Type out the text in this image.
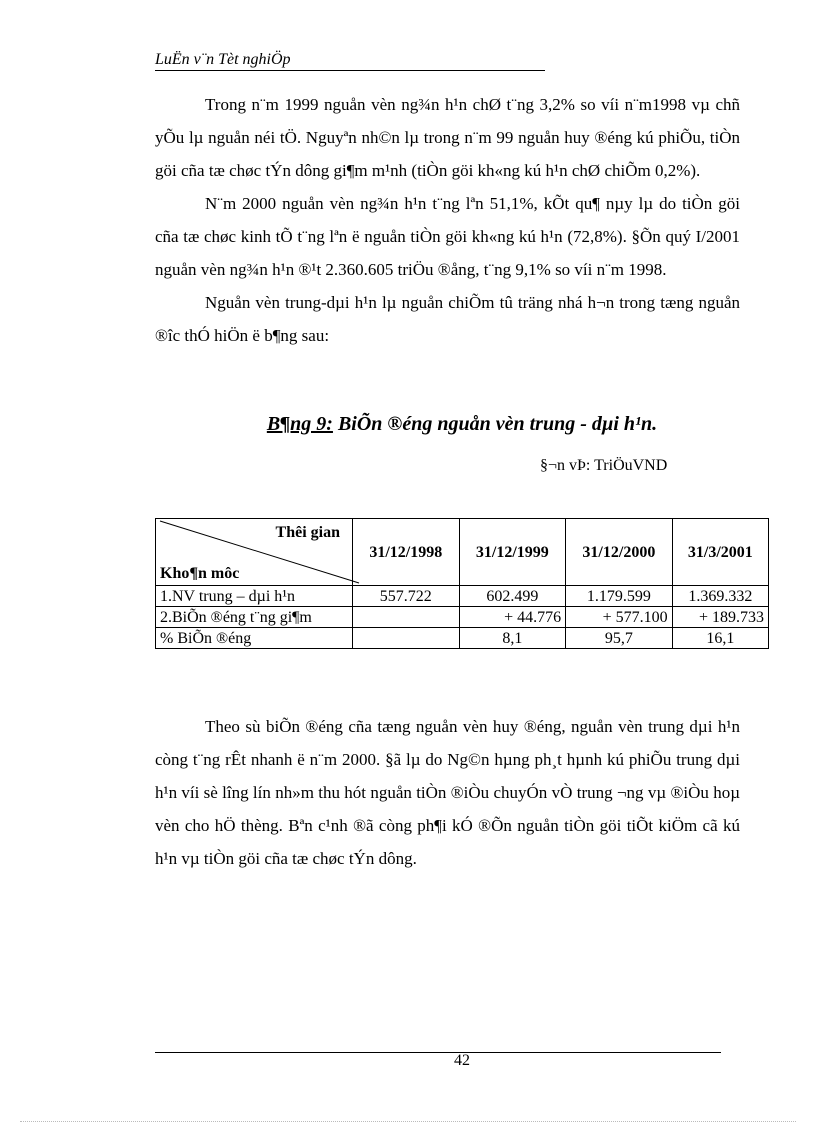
LuËn v¨n Tèt nghiÖp

Trong n¨m 1999 nguån vèn ng¾n h¹n chØ t¨ng 3,2% so víi n¨m1998 vµ chñ yÕu lµ nguån néi tÖ. Nguyªn nh©n lµ trong n¨m 99 nguån huy ®éng kú phiÕu, tiÒn göi cña tæ chøc tÝn dông gi¶m m¹nh (tiÒn göi kh«ng kú h¹n chØ chiÕm 0,2%).

N¨m 2000 nguån vèn ng¾n h¹n t¨ng lªn 51,1%, kÕt qu¶ nµy lµ do tiÒn göi cña tæ chøc kinh tÕ t¨ng lªn ë nguån tiÒn göi kh«ng kú h¹n (72,8%). §Õn quý I/2001 nguån vèn ng¾n h¹n ®¹t 2.360.605 triÖu ®ång, t¨ng 9,1% so víi n¨m 1998.

Nguån vèn trung-dµi h¹n lµ nguån chiÕm tû träng nhá h¬n trong tæng nguån ®îc thÓ hiÖn ë b¶ng sau:

B¶ng 9: BiÕn ®éng nguån vèn trung - dµi h¹n.
§¬n vÞ: TriÖuVND
Thêi gian
Kho¶n môc	31/12/1998	31/12/1999	31/12/2000	31/3/2001
1.NV trung – dµi h¹n	557.722	602.499	1.179.599	1.369.332
2.BiÕn ®éng t¨ng gi¶m		+ 44.776	+ 577.100	+ 189.733
% BiÕn ®éng		8,1	95,7	16,1

Theo sù biÕn ®éng cña tæng nguån vèn huy ®éng, nguån vèn trung dµi h¹n còng t¨ng rÊt nhanh ë n¨m 2000. §ã lµ do Ng©n hµng ph¸t hµnh kú phiÕu trung dµi h¹n víi sè lîng lín nh»m thu hót nguån tiÒn ®iÒu chuyÓn vÒ trung ¬ng vµ ®iÒu hoµ vèn cho hÖ thèng. Bªn c¹nh ®ã còng ph¶i kÓ ®Õn nguån tiÒn göi tiÕt kiÖm cã kú h¹n vµ tiÒn göi cña tæ chøc tÝn dông.

42
